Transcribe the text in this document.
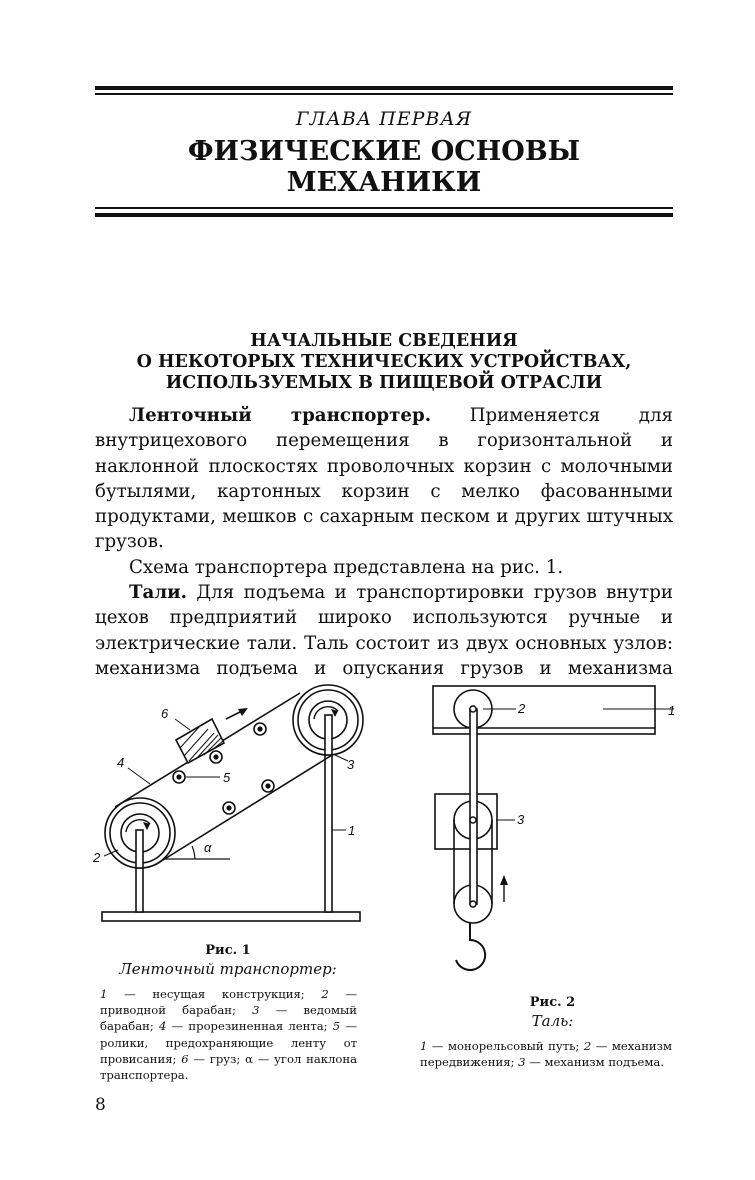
ГЛАВА ПЕРВАЯ
ФИЗИЧЕСКИЕ ОСНОВЫ
МЕХАНИКИ
НАЧАЛЬНЫЕ СВЕДЕНИЯ
О НЕКОТОРЫХ ТЕХНИЧЕСКИХ УСТРОЙСТВАХ,
ИСПОЛЬЗУЕМЫХ В ПИЩЕВОЙ ОТРАСЛИ

Ленточный транспортер. Применяется для внутрицехового перемещения в горизонтальной и наклонной плоскостях проволочных корзин с молочными бутылями, картонных корзин с мелко фасованными продуктами, мешков с сахарным песком и других штучных грузов.

Схема транспортера представлена на рис. 1.

Тали. Для подъема и транспортировки грузов внутри цехов предприятий широко используются ручные и электрические тали. Таль состоит из двух основных узлов: механизма подъема и опускания грузов и механизма

6
4
5
3
1
2
α
Рис. 1
Ленточный транспортер:
1 — несущая конструкция; 2 — приводной барабан; 3 — ведомый барабан; 4 — прорезиненная лента; 5 — ролики, предохраняющие ленту от провисания; 6 — груз; α — угол наклона транспортера.
2	1
3
Рис. 2
Таль:
1 — монорельсовый путь; 2 — механизм передвижения; 3 — механизм подъема.
8
